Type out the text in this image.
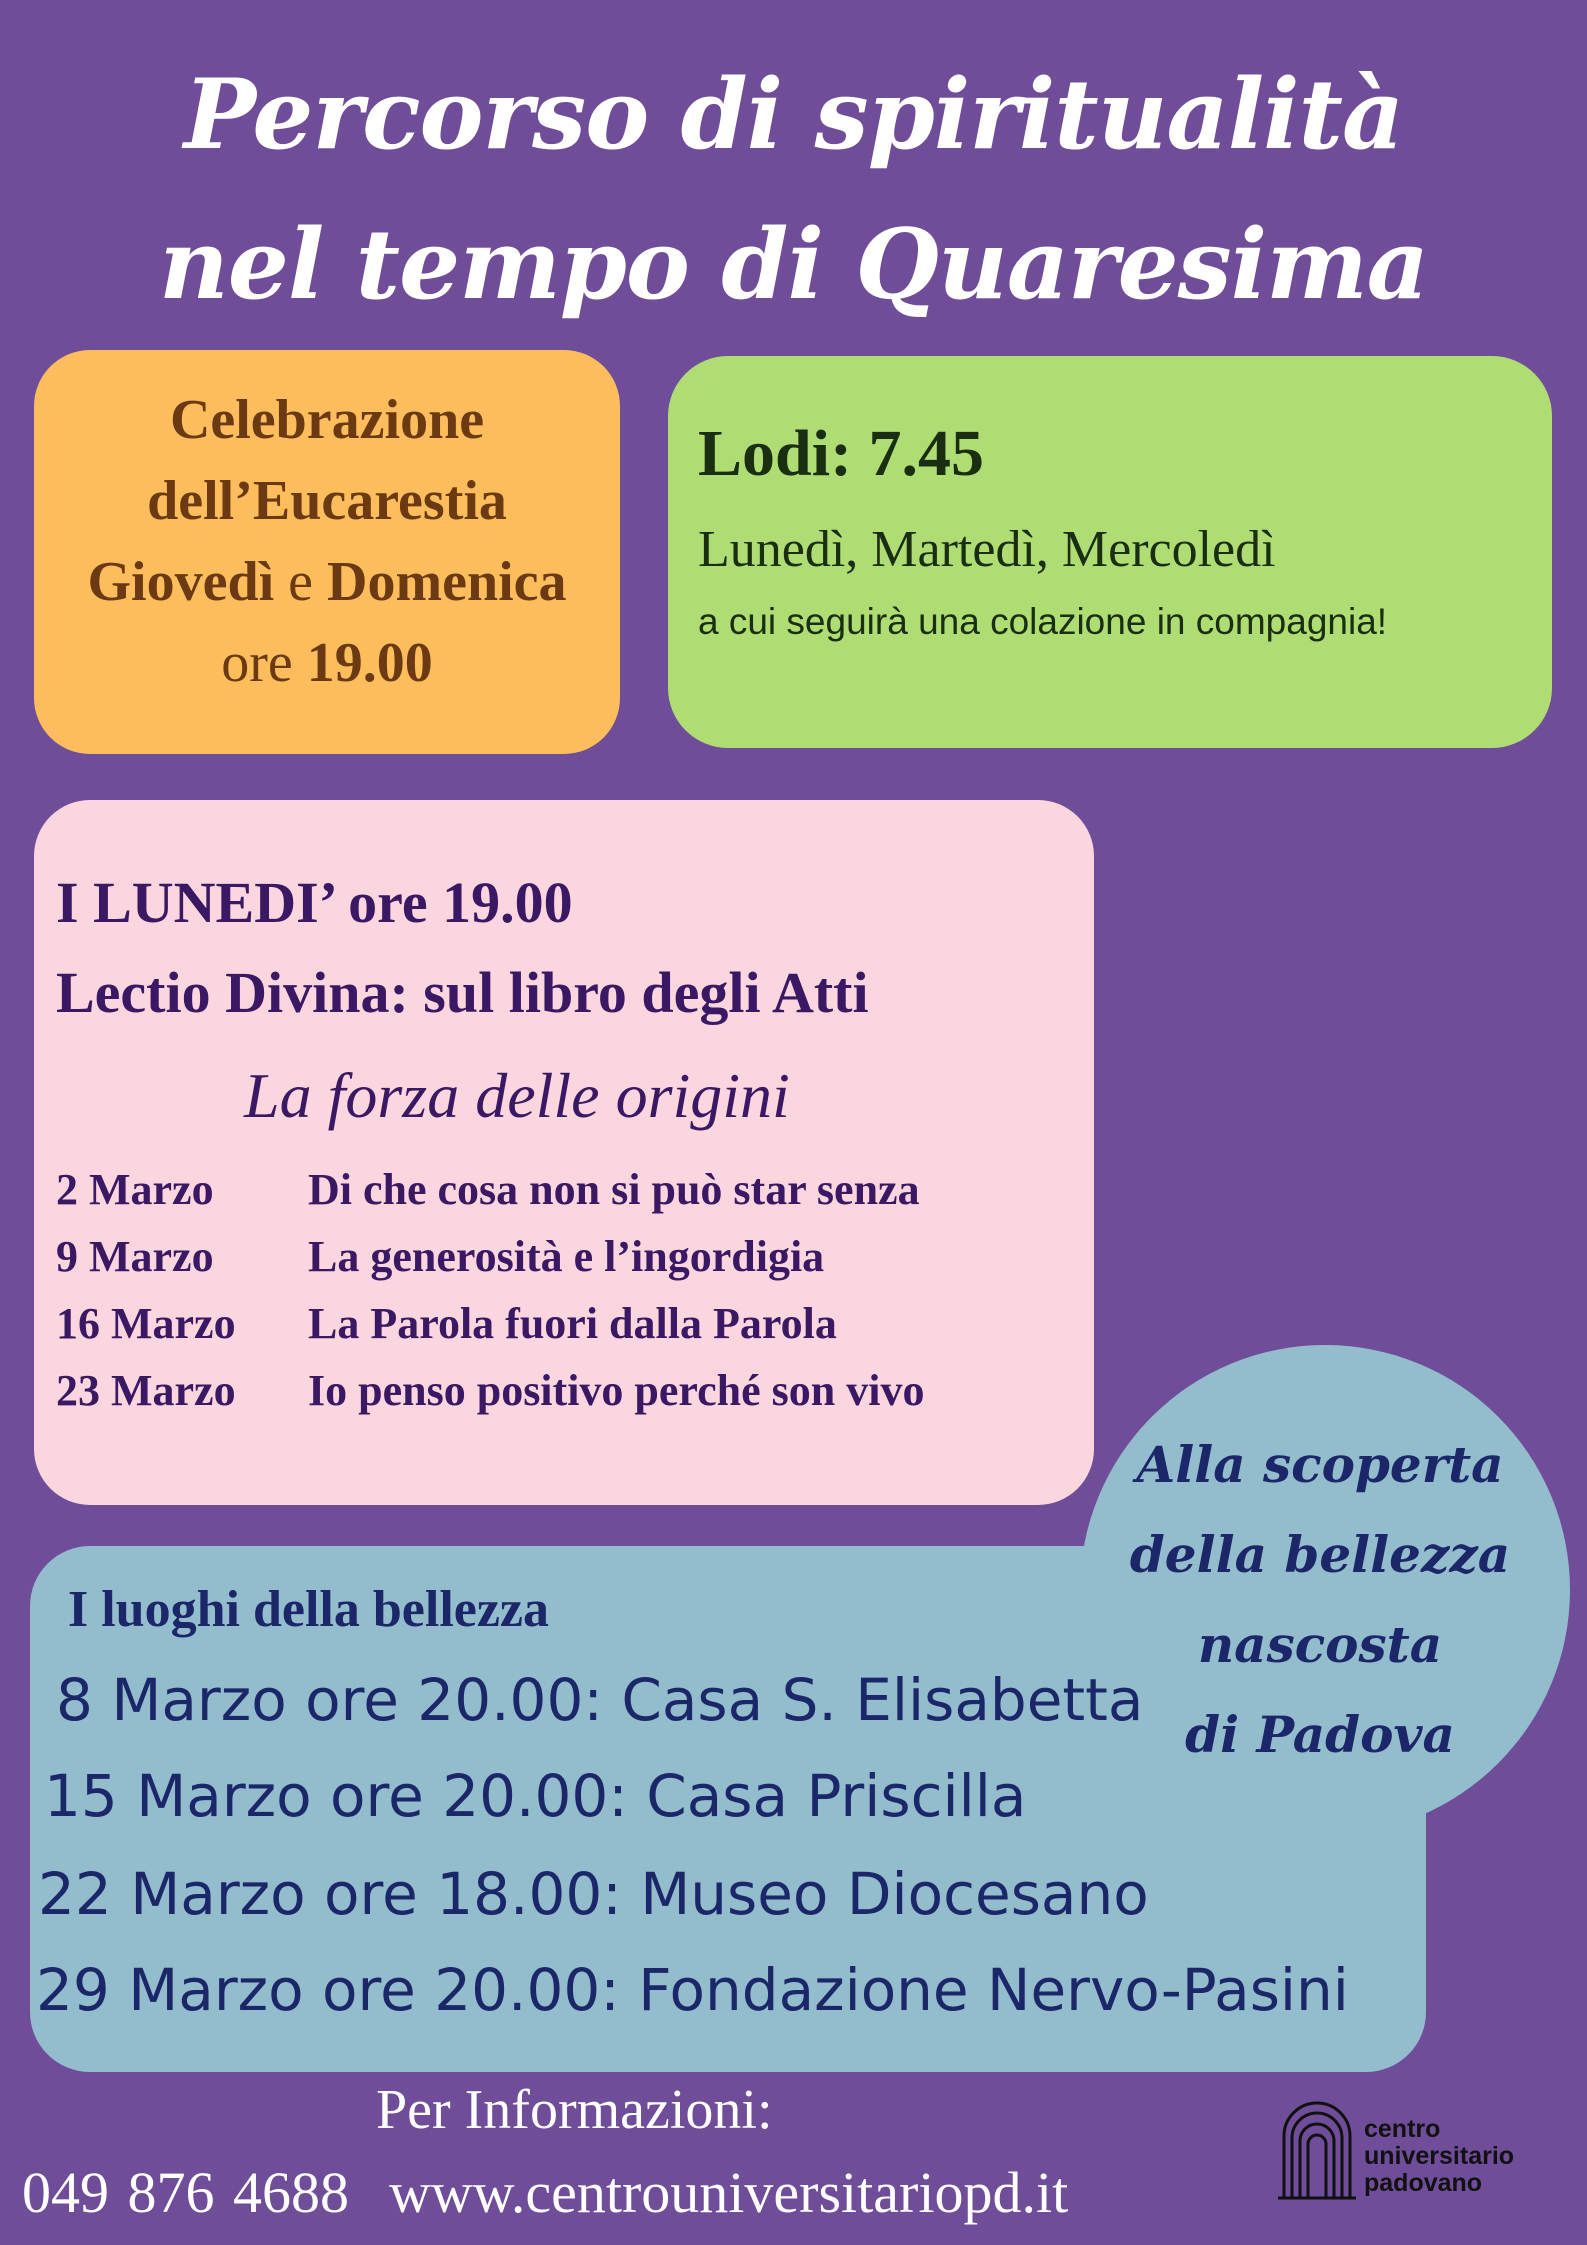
Percorso di spiritualità
nel tempo di Quaresima
Celebrazione
dell’Eucarestia
Giovedì e Domenica
ore 19.00
Lodi: 7.45
Lunedì, Martedì, Mercoledì
a cui seguirà una colazione in compagnia!
I LUNEDI’ ore 19.00
Lectio Divina: sul libro degli Atti
La forza delle origini
2 Marzo	Di che cosa non si può star senza
9 Marzo	La generosità e l’ingordigia
16 Marzo	La Parola fuori dalla Parola
23 Marzo	Io penso positivo perché son vivo
I luoghi della bellezza
8 Marzo ore 20.00: Casa S. Elisabetta
15 Marzo ore 20.00: Casa Priscilla
22 Marzo ore 18.00: Museo Diocesano
29 Marzo ore 20.00: Fondazione Nervo-Pasini
Alla scoperta
della bellezza
nascosta
di Padova
Per Informazioni:
049 876 4688 www.centrouniversitariopd.it
centro
universitario
padovano
